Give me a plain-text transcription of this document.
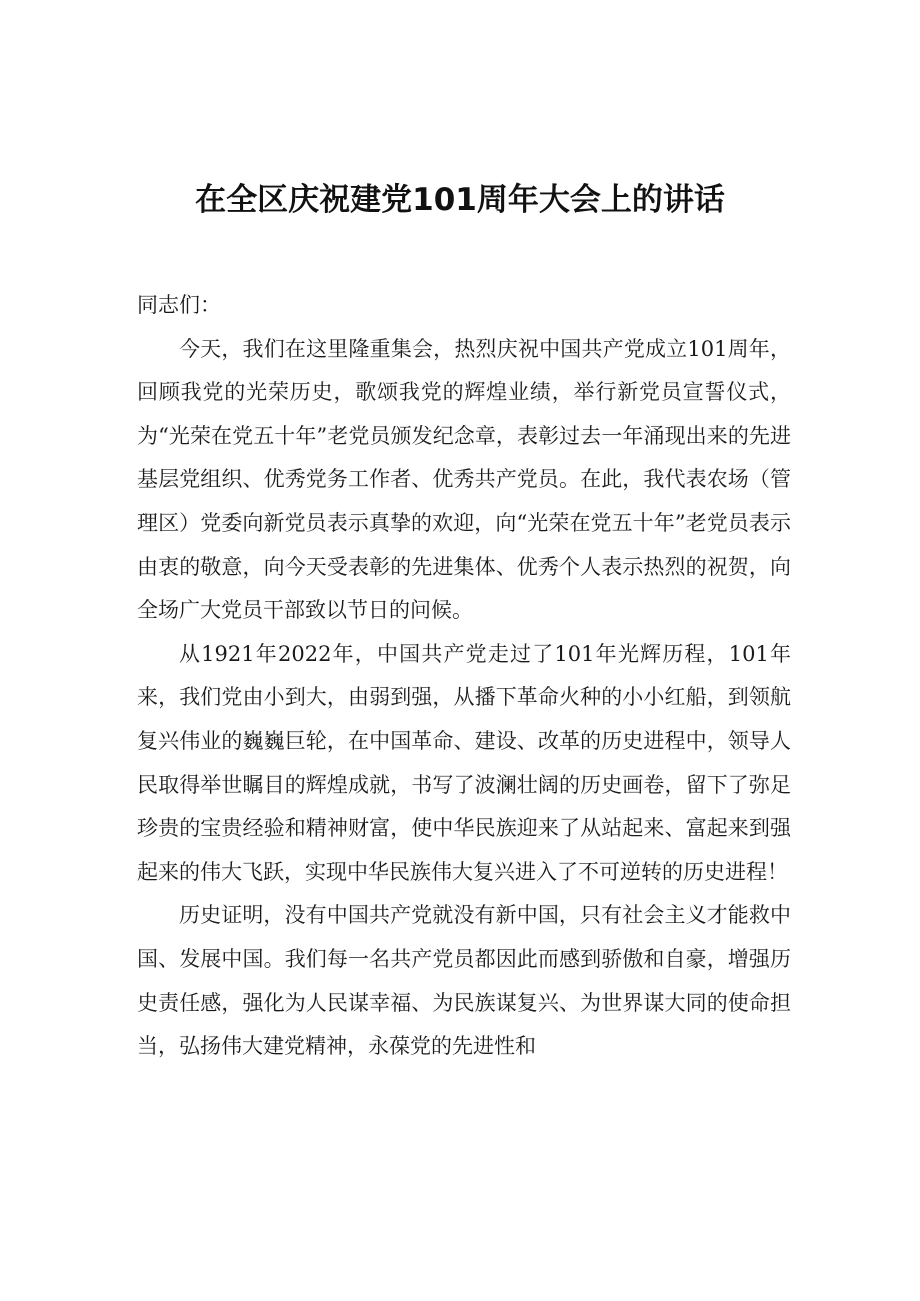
在全区庆祝建党101周年大会上的讲话

同志们：

今天，我们在这里隆重集会，热烈庆祝中国共产党成立101周年，回顾我党的光荣历史，歌颂我党的辉煌业绩，举行新党员宣誓仪式，为“光荣在党五十年”老党员颁发纪念章，表彰过去一年涌现出来的先进基层党组织、优秀党务工作者、优秀共产党员。在此，我代表农场（管理区）党委向新党员表示真挚的欢迎，向“光荣在党五十年”老党员表示由衷的敬意，向今天受表彰的先进集体、优秀个人表示热烈的祝贺，向全场广大党员干部致以节日的问候。

从1921年2022年，中国共产党走过了101年光辉历程，101年来，我们党由小到大，由弱到强，从播下革命火种的小小红船，到领航复兴伟业的巍巍巨轮，在中国革命、建设、改革的历史进程中，领导人民取得举世瞩目的辉煌成就，书写了波澜壮阔的历史画卷，留下了弥足珍贵的宝贵经验和精神财富，使中华民族迎来了从站起来、富起来到强起来的伟大飞跃，实现中华民族伟大复兴进入了不可逆转的历史进程！

历史证明，没有中国共产党就没有新中国，只有社会主义才能救中国、发展中国。我们每一名共产党员都因此而感到骄傲和自豪，增强历史责任感，强化为人民谋幸福、为民族谋复兴、为世界谋大同的使命担当，弘扬伟大建党精神，永葆党的先进性和
